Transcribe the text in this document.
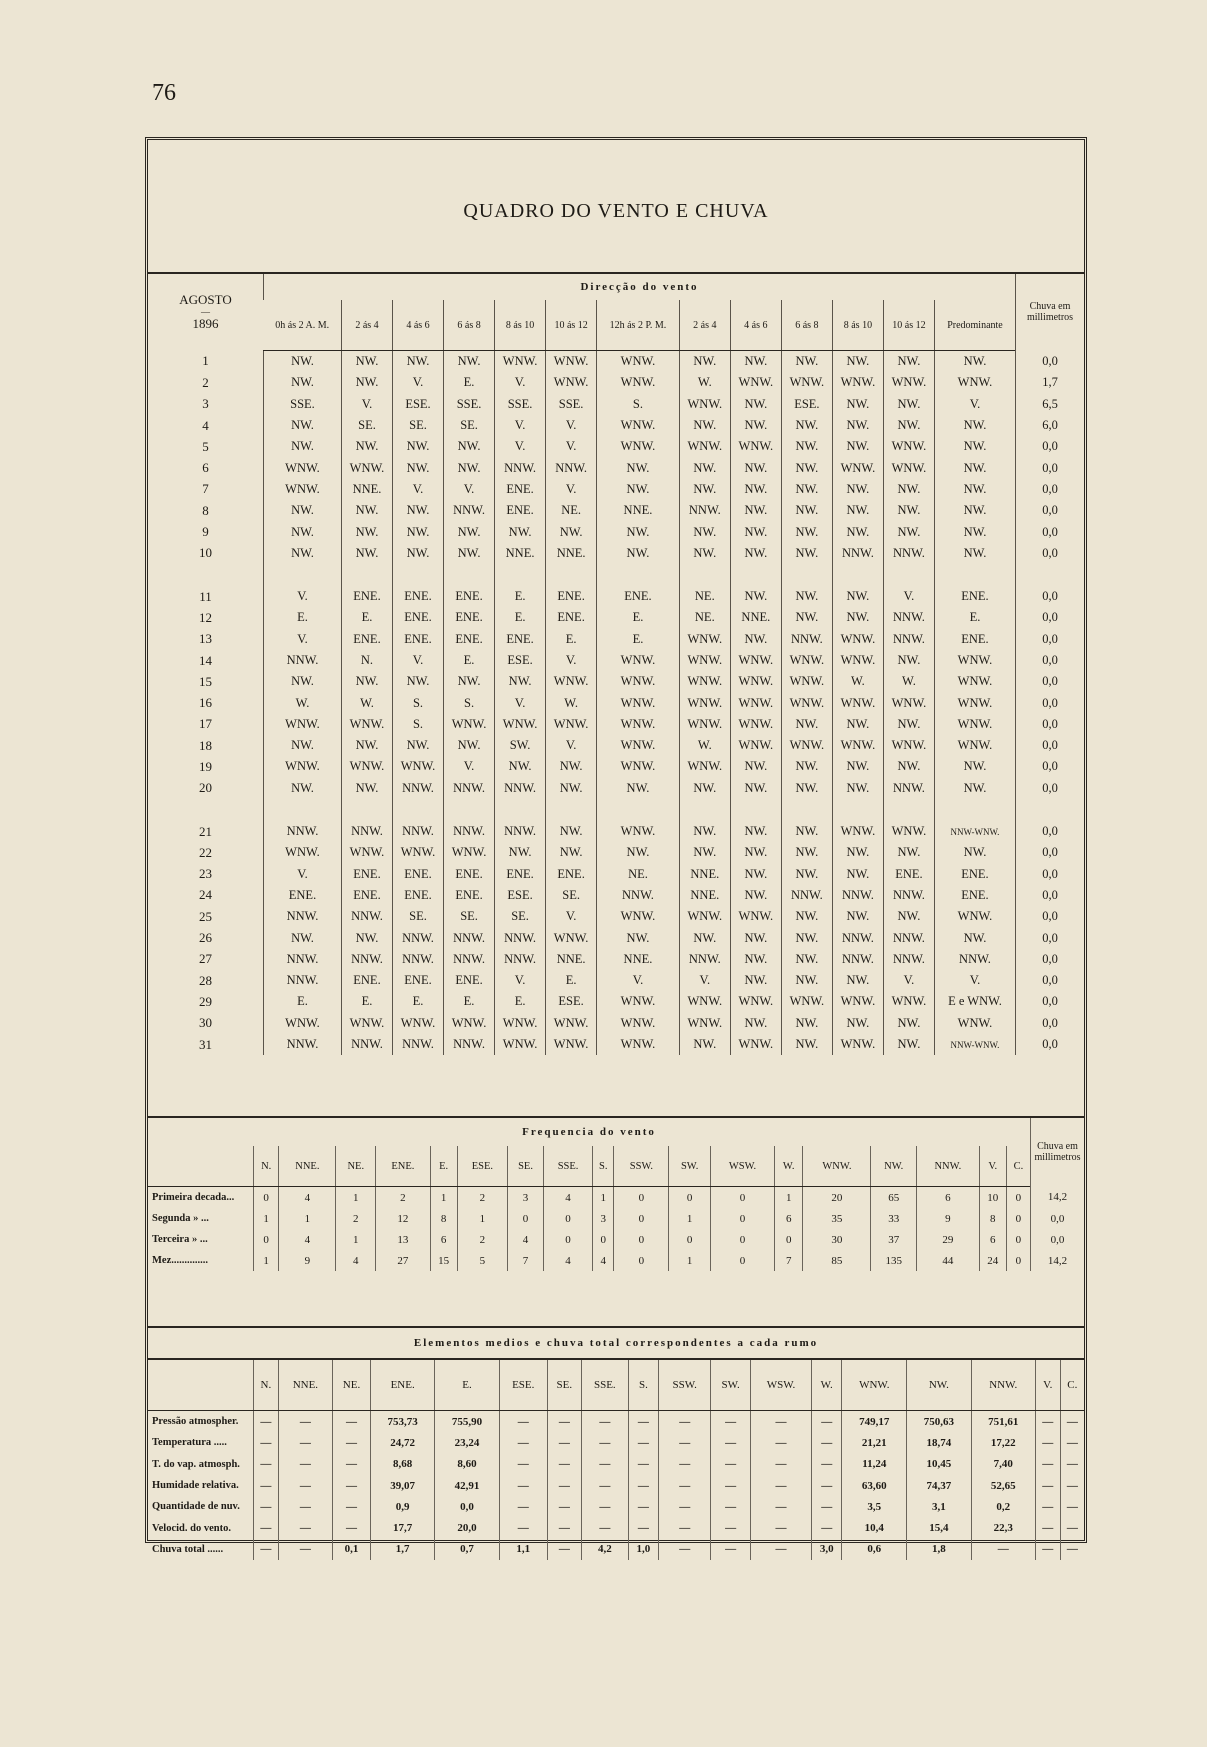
76
QUADRO DO VENTO E CHUVA
AGOSTO
—
1896	Direcção do vento													Chuva em millimetros
	0h ás 2 A. M.	2 ás 4	4 ás 6	6 ás 8	8 ás 10	10 ás 12	12h ás 2 P. M.	2 ás 4	4 ás 6	6 ás 8	8 ás 10	10 ás 12	Predominante	
1	NW.	NW.	NW.	NW.	WNW.	WNW.	WNW.	NW.	NW.	NW.	NW.	NW.	NW.	0,0
2	NW.	NW.	V.	E.	V.	WNW.	WNW.	W.	WNW.	WNW.	WNW.	WNW.	WNW.	1,7
3	SSE.	V.	ESE.	SSE.	SSE.	SSE.	S.	WNW.	NW.	ESE.	NW.	NW.	V.	6,5
4	NW.	SE.	SE.	SE.	V.	V.	WNW.	NW.	NW.	NW.	NW.	NW.	NW.	6,0
5	NW.	NW.	NW.	NW.	V.	V.	WNW.	WNW.	WNW.	NW.	NW.	WNW.	NW.	0,0
6	WNW.	WNW.	NW.	NW.	NNW.	NNW.	NW.	NW.	NW.	NW.	WNW.	WNW.	NW.	0,0
7	WNW.	NNE.	V.	V.	ENE.	V.	NW.	NW.	NW.	NW.	NW.	NW.	NW.	0,0
8	NW.	NW.	NW.	NNW.	ENE.	NE.	NNE.	NNW.	NW.	NW.	NW.	NW.	NW.	0,0
9	NW.	NW.	NW.	NW.	NW.	NW.	NW.	NW.	NW.	NW.	NW.	NW.	NW.	0,0
10	NW.	NW.	NW.	NW.	NNE.	NNE.	NW.	NW.	NW.	NW.	NNW.	NNW.	NW.	0,0

11	V.	ENE.	ENE.	ENE.	E.	ENE.	ENE.	NE.	NW.	NW.	NW.	V.	ENE.	0,0
12	E.	E.	ENE.	ENE.	E.	ENE.	E.	NE.	NNE.	NW.	NW.	NNW.	E.	0,0
13	V.	ENE.	ENE.	ENE.	ENE.	E.	E.	WNW.	NW.	NNW.	WNW.	NNW.	ENE.	0,0
14	NNW.	N.	V.	E.	ESE.	V.	WNW.	WNW.	WNW.	WNW.	WNW.	NW.	WNW.	0,0
15	NW.	NW.	NW.	NW.	NW.	WNW.	WNW.	WNW.	WNW.	WNW.	W.	W.	WNW.	0,0
16	W.	W.	S.	S.	V.	W.	WNW.	WNW.	WNW.	WNW.	WNW.	WNW.	WNW.	0,0
17	WNW.	WNW.	S.	WNW.	WNW.	WNW.	WNW.	WNW.	WNW.	NW.	NW.	NW.	WNW.	0,0
18	NW.	NW.	NW.	NW.	SW.	V.	WNW.	W.	WNW.	WNW.	WNW.	WNW.	WNW.	0,0
19	WNW.	WNW.	WNW.	V.	NW.	NW.	WNW.	WNW.	NW.	NW.	NW.	NW.	NW.	0,0
20	NW.	NW.	NNW.	NNW.	NNW.	NW.	NW.	NW.	NW.	NW.	NW.	NNW.	NW.	0,0

21	NNW.	NNW.	NNW.	NNW.	NNW.	NW.	WNW.	NW.	NW.	NW.	WNW.	WNW.	NNW-WNW.	0,0
22	WNW.	WNW.	WNW.	WNW.	NW.	NW.	NW.	NW.	NW.	NW.	NW.	NW.	NW.	0,0
23	V.	ENE.	ENE.	ENE.	ENE.	ENE.	NE.	NNE.	NW.	NW.	NW.	ENE.	ENE.	0,0
24	ENE.	ENE.	ENE.	ENE.	ESE.	SE.	NNW.	NNE.	NW.	NNW.	NNW.	NNW.	ENE.	0,0
25	NNW.	NNW.	SE.	SE.	SE.	V.	WNW.	WNW.	WNW.	NW.	NW.	NW.	WNW.	0,0
26	NW.	NW.	NNW.	NNW.	NNW.	WNW.	NW.	NW.	NW.	NW.	NNW.	NNW.	NW.	0,0
27	NNW.	NNW.	NNW.	NNW.	NNW.	NNE.	NNE.	NNW.	NW.	NW.	NNW.	NNW.	NNW.	0,0
28	NNW.	ENE.	ENE.	ENE.	V.	E.	V.	V.	NW.	NW.	NW.	V.	V.	0,0
29	E.	E.	E.	E.	E.	ESE.	WNW.	WNW.	WNW.	WNW.	WNW.	WNW.	E e WNW.	0,0
30	WNW.	WNW.	WNW.	WNW.	WNW.	WNW.	WNW.	WNW.	NW.	NW.	NW.	NW.	WNW.	0,0
31	NNW.	NNW.	NNW.	NNW.	WNW.	WNW.	WNW.	NW.	WNW.	NW.	WNW.	NW.	NNW-WNW.	0,0
Frequencia do vento																			Chuva em millimetros
	N.	NNE.	NE.	ENE.	E.	ESE.	SE.	SSE.	S.	SSW.	SW.	WSW.	W.	WNW.	NW.	NNW.	V.	C.	
Primeira decada...	0	4	1	2	1	2	3	4	1	0	0	0	1	20	65	6	10	0	14,2
Segunda » ...	1	1	2	12	8	1	0	0	3	0	1	0	6	35	33	9	8	0	0,0
Terceira » ...	0	4	1	13	6	2	4	0	0	0	0	0	0	30	37	29	6	0	0,0
Mez..............	1	9	4	27	15	5	7	4	4	0	1	0	7	85	135	44	24	0	14,2
Elementos medios e chuva total correspondentes a cada rumo																		
	N.	NNE.	NE.	ENE.	E.	ESE.	SE.	SSE.	S.	SSW.	SW.	WSW.	W.	WNW.	NW.	NNW.	V.	C.
Pressão atmospher.	—	—	—	753,73	755,90	—	—	—	—	—	—	—	—	749,17	750,63	751,61	—	—
Temperatura .....	—	—	—	24,72	23,24	—	—	—	—	—	—	—	—	21,21	18,74	17,22	—	—
T. do vap. atmosph.	—	—	—	8,68	8,60	—	—	—	—	—	—	—	—	11,24	10,45	7,40	—	—
Humidade relativa.	—	—	—	39,07	42,91	—	—	—	—	—	—	—	—	63,60	74,37	52,65	—	—
Quantidade de nuv.	—	—	—	0,9	0,0	—	—	—	—	—	—	—	—	3,5	3,1	0,2	—	—
Velocid. do vento.	—	—	—	17,7	20,0	—	—	—	—	—	—	—	—	10,4	15,4	22,3	—	—
Chuva total ......	—	—	0,1	1,7	0,7	1,1	—	4,2	1,0	—	—	—	3,0	0,6	1,8	—	—	—
